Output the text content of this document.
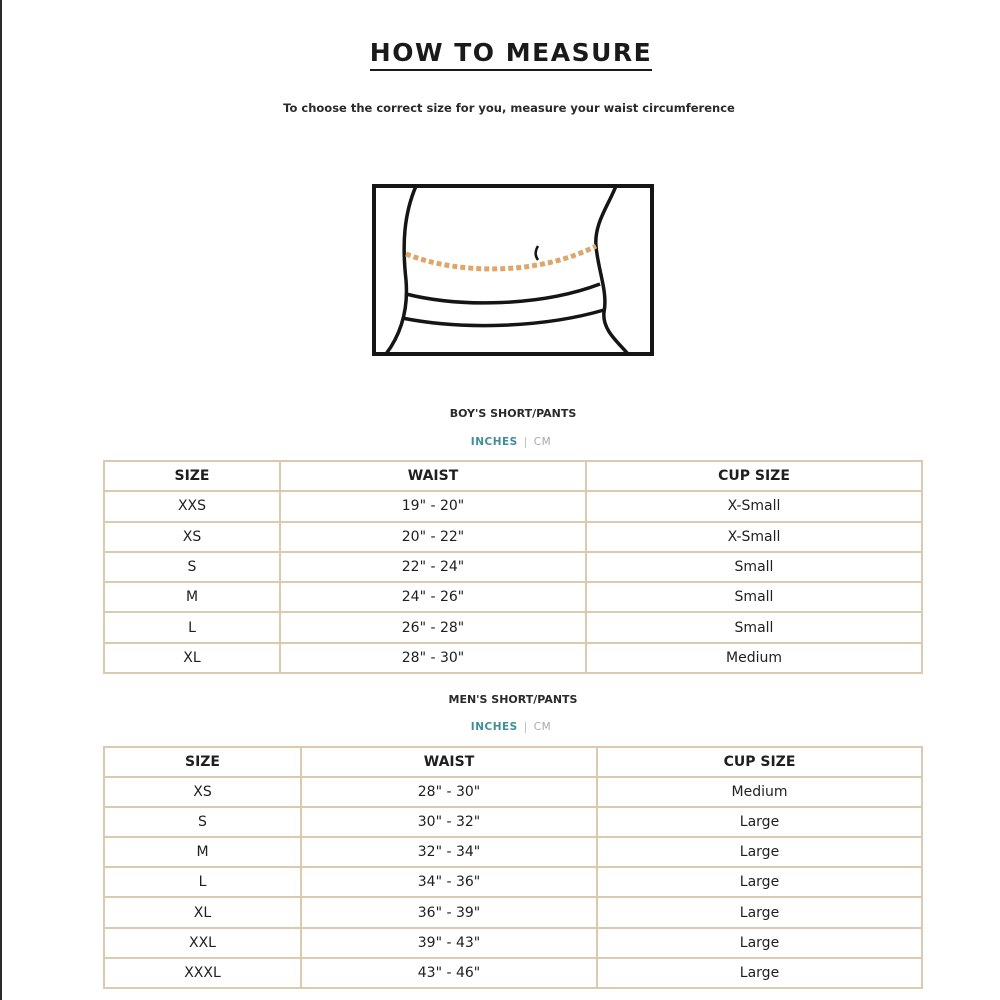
HOW TO MEASURE
To choose the correct size for you, measure your waist circumference
BOY'S SHORT/PANTS
INCHES | CM
SIZE	WAIST	CUP SIZE
XXS	19" - 20"	X-Small
XS	20" - 22"	X-Small
S	22" - 24"	Small
M	24" - 26"	Small
L	26" - 28"	Small
XL	28" - 30"	Medium
MEN'S SHORT/PANTS
INCHES | CM
SIZE	WAIST	CUP SIZE
XS	28" - 30"	Medium
S	30" - 32"	Large
M	32" - 34"	Large
L	34" - 36"	Large
XL	36" - 39"	Large
XXL	39" - 43"	Large
XXXL	43" - 46"	Large
